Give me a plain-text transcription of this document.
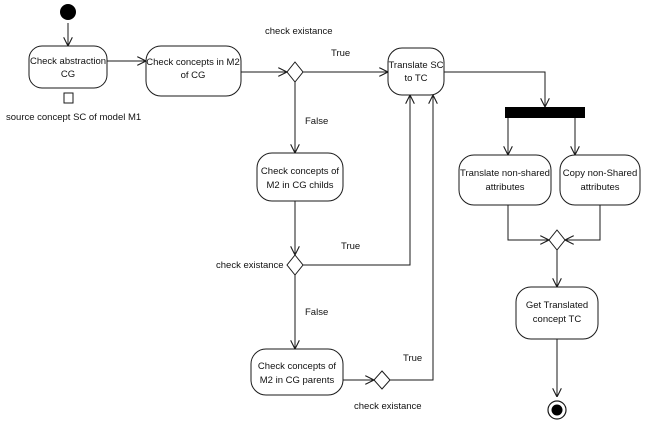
Check abstraction
CG
Check concepts in M2
of CG
Translate SC
to TC
Check concepts of
M2 in CG childs
Check concepts of
M2 in CG parents
Translate non-shared
attributes
Copy non-Shared
attributes
Get Translated
concept TC
source concept SC of model M1
check existance
check existance
check existance
True
True
True
False
False
